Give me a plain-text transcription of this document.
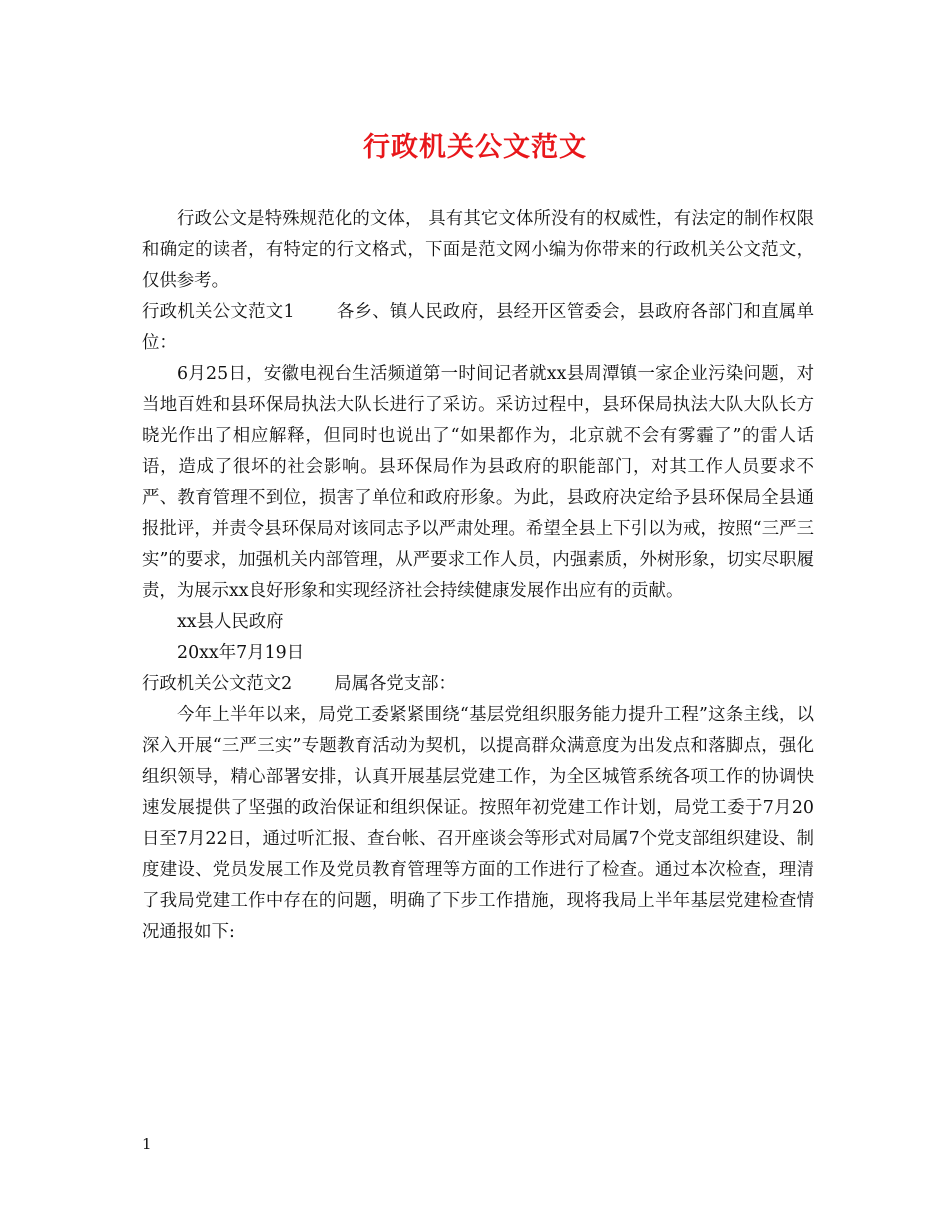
行政机关公文范文

行政公文是特殊规范化的文体， 具有其它文体所没有的权威性，有法定的制作权限和确定的读者，有特定的行文格式，下面是范文网小编为你带来的行政机关公文范文，仅供参考。

行政机关公文范文1 各乡、镇人民政府，县经开区管委会，县政府各部门和直属单位：

6月25日，安徽电视台生活频道第一时间记者就xx县周潭镇一家企业污染问题，对当地百姓和县环保局执法大队长进行了采访。采访过程中，县环保局执法大队大队长方晓光作出了相应解释，但同时也说出了“如果都作为，北京就不会有雾霾了”的雷人话语，造成了很坏的社会影响。县环保局作为县政府的职能部门，对其工作人员要求不严、教育管理不到位，损害了单位和政府形象。为此，县政府决定给予县环保局全县通报批评，并责令县环保局对该同志予以严肃处理。希望全县上下引以为戒，按照“三严三实”的要求，加强机关内部管理，从严要求工作人员，内强素质，外树形象，切实尽职履责，为展示xx良好形象和实现经济社会持续健康发展作出应有的贡献。

xx县人民政府

20xx年7月19日

行政机关公文范文2 局属各党支部：

今年上半年以来，局党工委紧紧围绕“基层党组织服务能力提升工程”这条主线，以深入开展“三严三实”专题教育活动为契机，以提高群众满意度为出发点和落脚点，强化组织领导，精心部署安排，认真开展基层党建工作，为全区城管系统各项工作的协调快速发展提供了坚强的政治保证和组织保证。按照年初党建工作计划，局党工委于7月20日至7月22日，通过听汇报、查台帐、召开座谈会等形式对局属7个党支部组织建设、制度建设、党员发展工作及党员教育管理等方面的工作进行了检查。通过本次检查，理清了我局党建工作中存在的问题，明确了下步工作措施，现将我局上半年基层党建检查情况通报如下:

1
